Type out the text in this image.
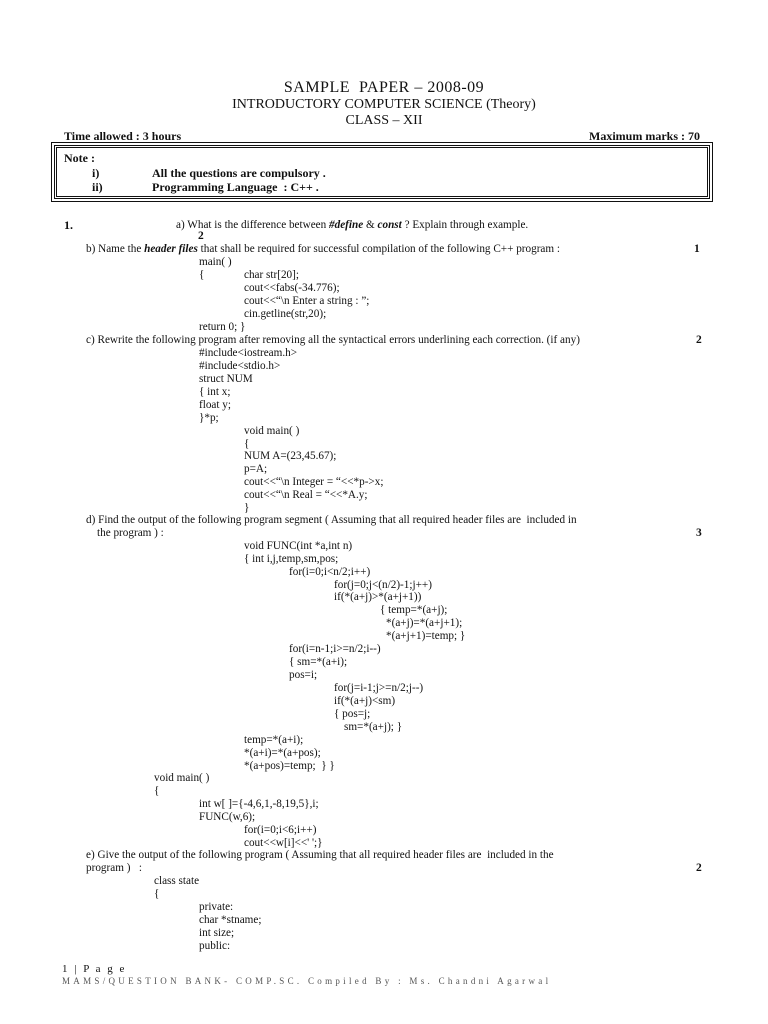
SAMPLE  PAPER – 2008-09
INTRODUCTORY COMPUTER SCIENCE (Theory)
CLASS – XII
Time allowed : 3 hours	Maximum marks : 70
Note :
i)	All the questions are compulsory .
ii)	Programming Language  : C++ .
1.	a) What is the difference between #define & const ? Explain through example.
2
b) Name the header files that shall be required for successful compilation of the following C++ program :	1
main( )
{	char str[20];
cout<<fabs(-34.776);
cout<<“\n Enter a string : ”;
cin.getline(str,20);
return 0; }
c) Rewrite the following program after removing all the syntactical errors underlining each correction. (if any)	2
#include<iostream.h>
#include<stdio.h>
struct NUM
{ int x;
float y;
}*p;
void main( )
{
NUM A=(23,45.67);
p=A;
cout<<“\n Integer = “<<*p->x;
cout<<“\n Real = “<<*A.y;
}
d) Find the output of the following program segment ( Assuming that all required header files are  included in
the program ) :	3
void FUNC(int *a,int n)
{ int i,j,temp,sm,pos;
for(i=0;i<n/2;i++)
for(j=0;j<(n/2)-1;j++)
if(*(a+j)>*(a+j+1))
{ temp=*(a+j);
*(a+j)=*(a+j+1);
*(a+j+1)=temp; }
for(i=n-1;i>=n/2;i--)
{ sm=*(a+i);
pos=i;
for(j=i-1;j>=n/2;j--)
if(*(a+j)<sm)
{ pos=j;
sm=*(a+j); }
temp=*(a+i);
*(a+i)=*(a+pos);
*(a+pos)=temp;  } }
void main( )
{
int w[ ]={-4,6,1,-8,19,5},i;
FUNC(w,6);
for(i=0;i<6;i++)
cout<<w[i]<<' ';}
e) Give the output of the following program ( Assuming that all required header files are  included in the
program )   :	2
class state
{
private:
char *stname;
int size;
public:
1 | P a g e
MAMS/QUESTION BANK- COMP.SC. Compiled By : Ms. Chandni Agarwal
